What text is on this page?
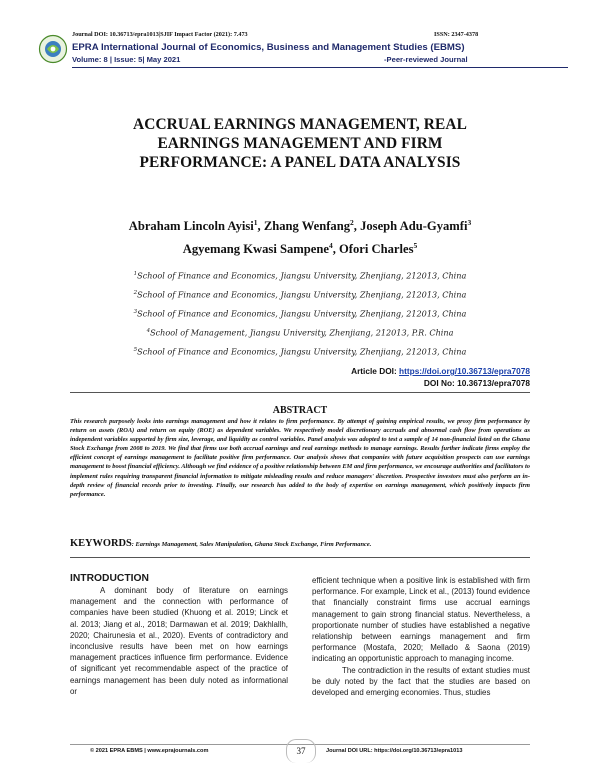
Journal DOI: 10.36713/epra1013|SJIF Impact Factor (2021): 7.473	ISSN: 2347-4378
EPRA International Journal of Economics, Business and Management Studies (EBMS)
Volume: 8 | Issue: 5| May 2021	-Peer-reviewed Journal
ACCRUAL EARNINGS MANAGEMENT, REAL
EARNINGS MANAGEMENT AND FIRM
PERFORMANCE: A PANEL DATA ANALYSIS
Abraham Lincoln Ayisi$^1$, Zhang Wenfang$^2$, Joseph Adu-Gyamfi$^3$
Agyemang Kwasi Sampene$^4$, Ofori Charles$^5$
$^1$School of Finance and Economics, Jiangsu University, Zhenjiang, 212013, China
$^2$School of Finance and Economics, Jiangsu University, Zhenjiang, 212013, China
$^3$School of Finance and Economics, Jiangsu University, Zhenjiang, 212013, China
$^4$School of Management, Jiangsu University, Zhenjiang, 212013, P.R. China
$^5$School of Finance and Economics, Jiangsu University, Zhenjiang, 212013, China
Article DOI: https://doi.org/10.36713/epra7078
DOI No: 10.36713/epra7078
ABSTRACT
This research purposely looks into earnings management and how it relates to firm performance. By attempt of gaining empirical results, we proxy firm performance by return on assets (ROA) and return on equity (ROE) as dependent variables. We respectively model discretionary accruals and abnormal cash flow from operations as independent variables supported by firm size, leverage, and liquidity as control variables. Panel analysis was adopted to test a sample of 14 non-financial listed on the Ghana Stock Exchange from 2008 to 2019. We find that firms use both accrual earnings and real earnings methods to manage earnings. Results further indicate firms employ the efficient concept of earnings management to facilitate positive firm performance. Our analysis shows that companies with future acquisition prospects can use earnings management to boost financial efficiency. Although we find evidence of a positive relationship between EM and firm performance, we encourage authorities and facilitators to implement rules requiring transparent financial information to mitigate misleading results and reduce managers' discretion. Prospective investors must also perform an in-depth review of financial records prior to investing. Finally, our research has added to the body of expertise on earnings management, which positively impacts firm performance.
KEYWORDS: Earnings Management, Sales Manipulation, Ghana Stock Exchange, Firm Performance.
INTRODUCTION

A dominant body of literature on earnings management and the connection with performance of companies have been studied (Khuong et al. 2019; Linck et al. 2013; Jiang et al., 2018; Darmawan et al. 2019; Dakhlallh, 2020; Chairunesia et al., 2020). Events of contradictory and inconclusive results have been met on how earnings management practices influence firm performance. Evidence of significant yet recommendable aspect of the practice of earnings management has been duly noted as informational or

efficient technique when a positive link is established with firm performance. For example, Linck et al., (2013) found evidence that financially constraint firms use accrual earnings management to gain strong financial status. Nevertheless, a proportionate number of studies have established a negative relationship between earnings management and firm performance (Mostafa, 2020; Mellado & Saona (2019) indicating an opportunistic approach to managing income.

The contradiction in the results of extant studies must be duly noted by the fact that the studies are based on developed and emerging economies. Thus, studies

© 2021 EPRA EBMS | www.eprajournals.com	37	Journal DOI URL: https://doi.org/10.36713/epra1013
